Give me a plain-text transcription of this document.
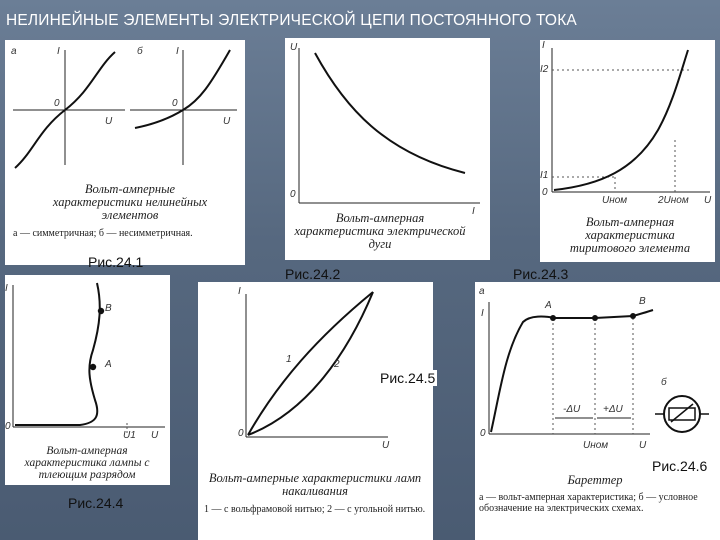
НЕЛИНЕЙНЫЕ ЭЛЕМЕНТЫ ЭЛЕКТРИЧЕСКОЙ ЦЕПИ ПОСТОЯННОГО ТОКА
а	б
I	I
U	U
0	0
Вольт-амперные характеристики нелинейных элементов
а — симметричная; б — несимметричная.
Рис.24.1
U
0
I
Вольт-амперная характеристика электрической дуги
Рис.24.2
I
I2
I1
0
Uном	2Uном U
Вольт-амперная характеристика тиритового элемента
Рис.24.3
I
0
B
A
U1 U
Вольт-амперная характеристика лампы с тлеющим разрядом
Рис.24.4
I
0
U
1	2
Вольт-амперные характеристики ламп накаливания
1 — с вольфрамовой нитью; 2 — с угольной нитью.
Рис.24.5
а
I
0
A	B
-ΔU +ΔU
Uном	U
б
Бареттер
а — вольт-амперная характеристика; б — условное обозначение на электрических схемах.
Рис.24.6
